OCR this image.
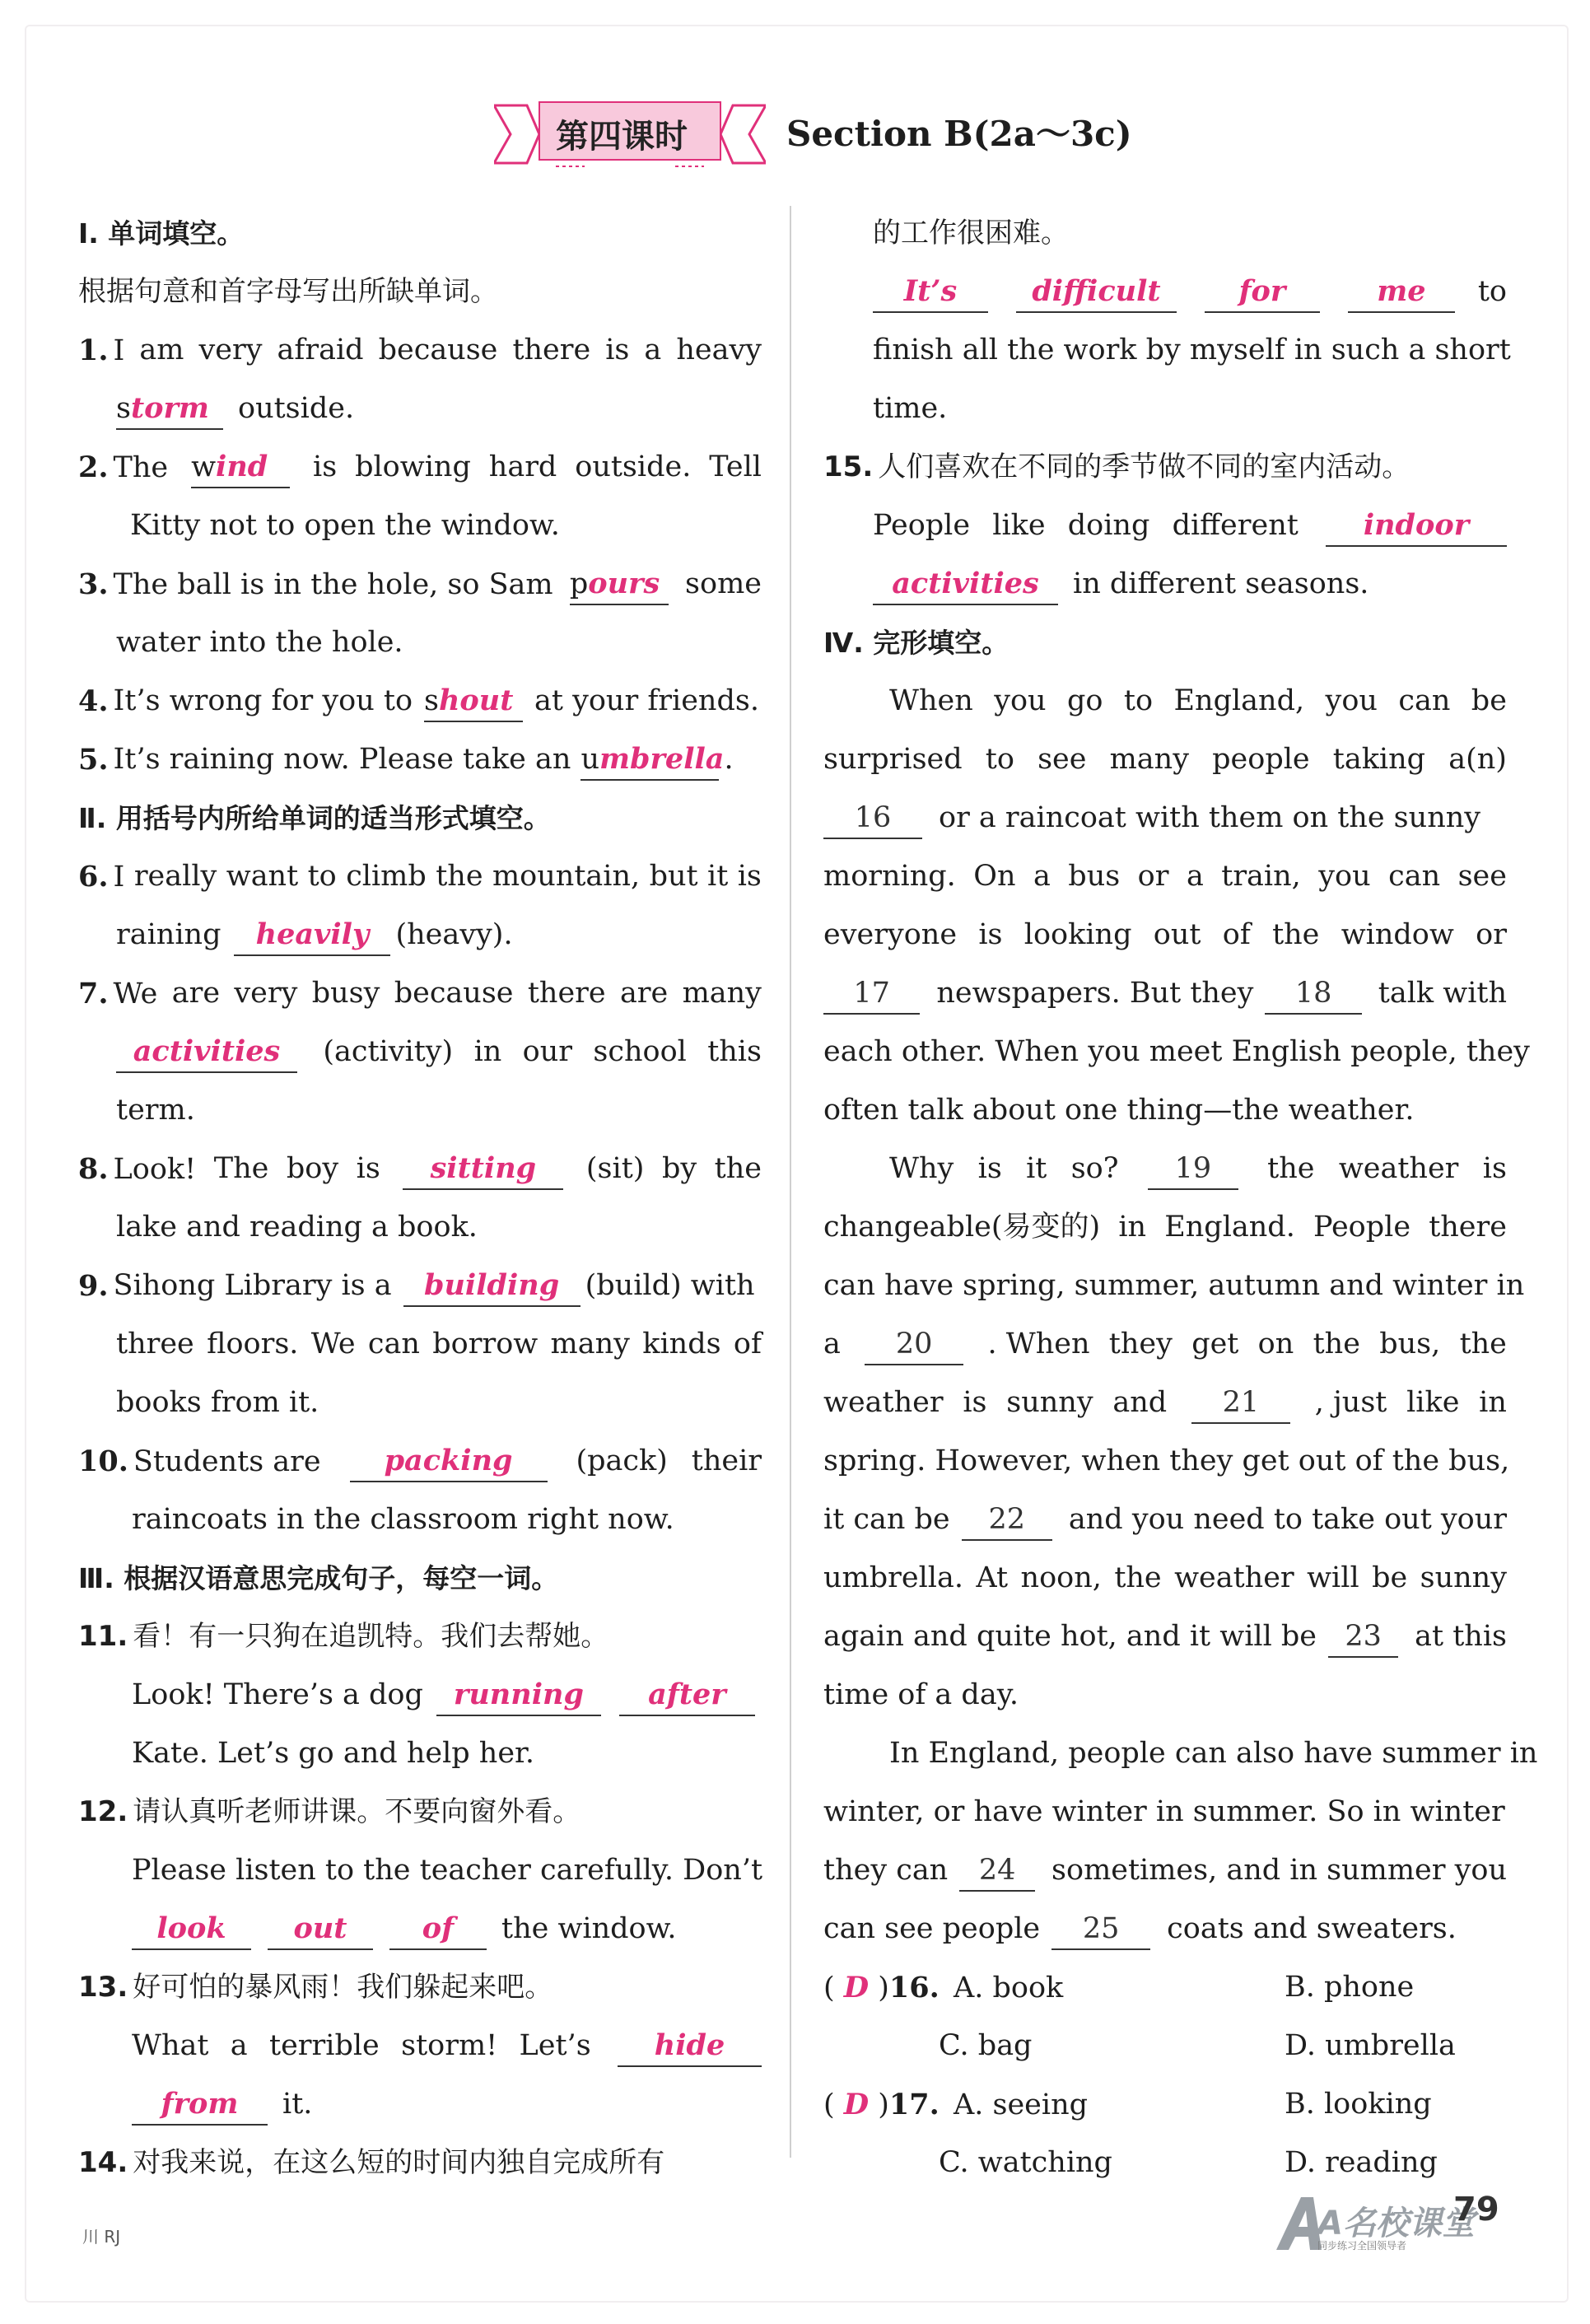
第四课时	Section B(2a～3c)
Ⅰ. 单词填空。
根据句意和首字母写出所缺单词。
1. I am very afraid because there is a heavy
storm	outside.
2. The wind	is blowing hard outside. Tell
Kitty not to open the window.
3. The ball is in the hole, so Sam pours some
water into the hole.
4. It’s wrong for you to shout at your friends.
5. It’s raining now. Please take an umbrella .
Ⅱ. 用括号内所给单词的适当形式填空。
6. I really want to climb the mountain, but it is
raining	heavily (heavy).
7. We are very busy because there are many
activities	(activity) in our school this
term.
8. Look! The boy is	sitting	(sit) by the
lake and reading a book.
9. Sihong Library is a	building (build) with
three floors. We can borrow many kinds of
books from it.
10. Students are	packing	(pack) their
raincoats in the classroom right now.
Ⅲ. 根据汉语意思完成句子，每空一词。
11. 看！有一只狗在追凯特。我们去帮她。
Look! There’s a dog	running	after
Kate. Let’s go and help her.
12. 请认真听老师讲课。不要向窗外看。
Please listen to the teacher carefully. Don’t
look	out	of	the window.
13. 好可怕的暴风雨！我们躲起来吧。
What a terrible storm! Let’s	hide
from	it.
14. 对我来说，在这么短的时间内独自完成所有
的工作很困难。
It’s	difficult	for	me	to
finish all the work by myself in such a short
time.
15. 人们喜欢在不同的季节做不同的室内活动。
People like doing different	indoor
activities	in different seasons.
Ⅳ. 完形填空。
When you go to England, you can be
surprised to see many people taking a(n)
16	or a raincoat with them on the sunny
morning. On a bus or a train, you can see
everyone is looking out of the window or
17	newspapers. But they	18	talk with
each other. When you meet English people, they
often talk about one thing—the weather.
Why is it so?	19	the weather is
changeable(易变的) in England. People there
can have spring, summer, autumn and winter in
a	20	. When they get on the bus, the
weather is sunny and	21	, just like in
spring. However, when they get out of the bus,
it can be	22	and you need to take out your
umbrella. At noon, the weather will be sunny
again and quite hot, and it will be 23	at this
time of a day.
In England, people can also have summer in
winter, or have winter in summer. So in winter
they can	24	sometimes, and in summer you
can see people	25	coats and sweaters.
( D )16. A. book	B. phone
C. bag	D. umbrella
( D )17. A. seeing	B. looking
C. watching	D. reading
川 RJ	A名校课堂
同步练习全国领导者
79
